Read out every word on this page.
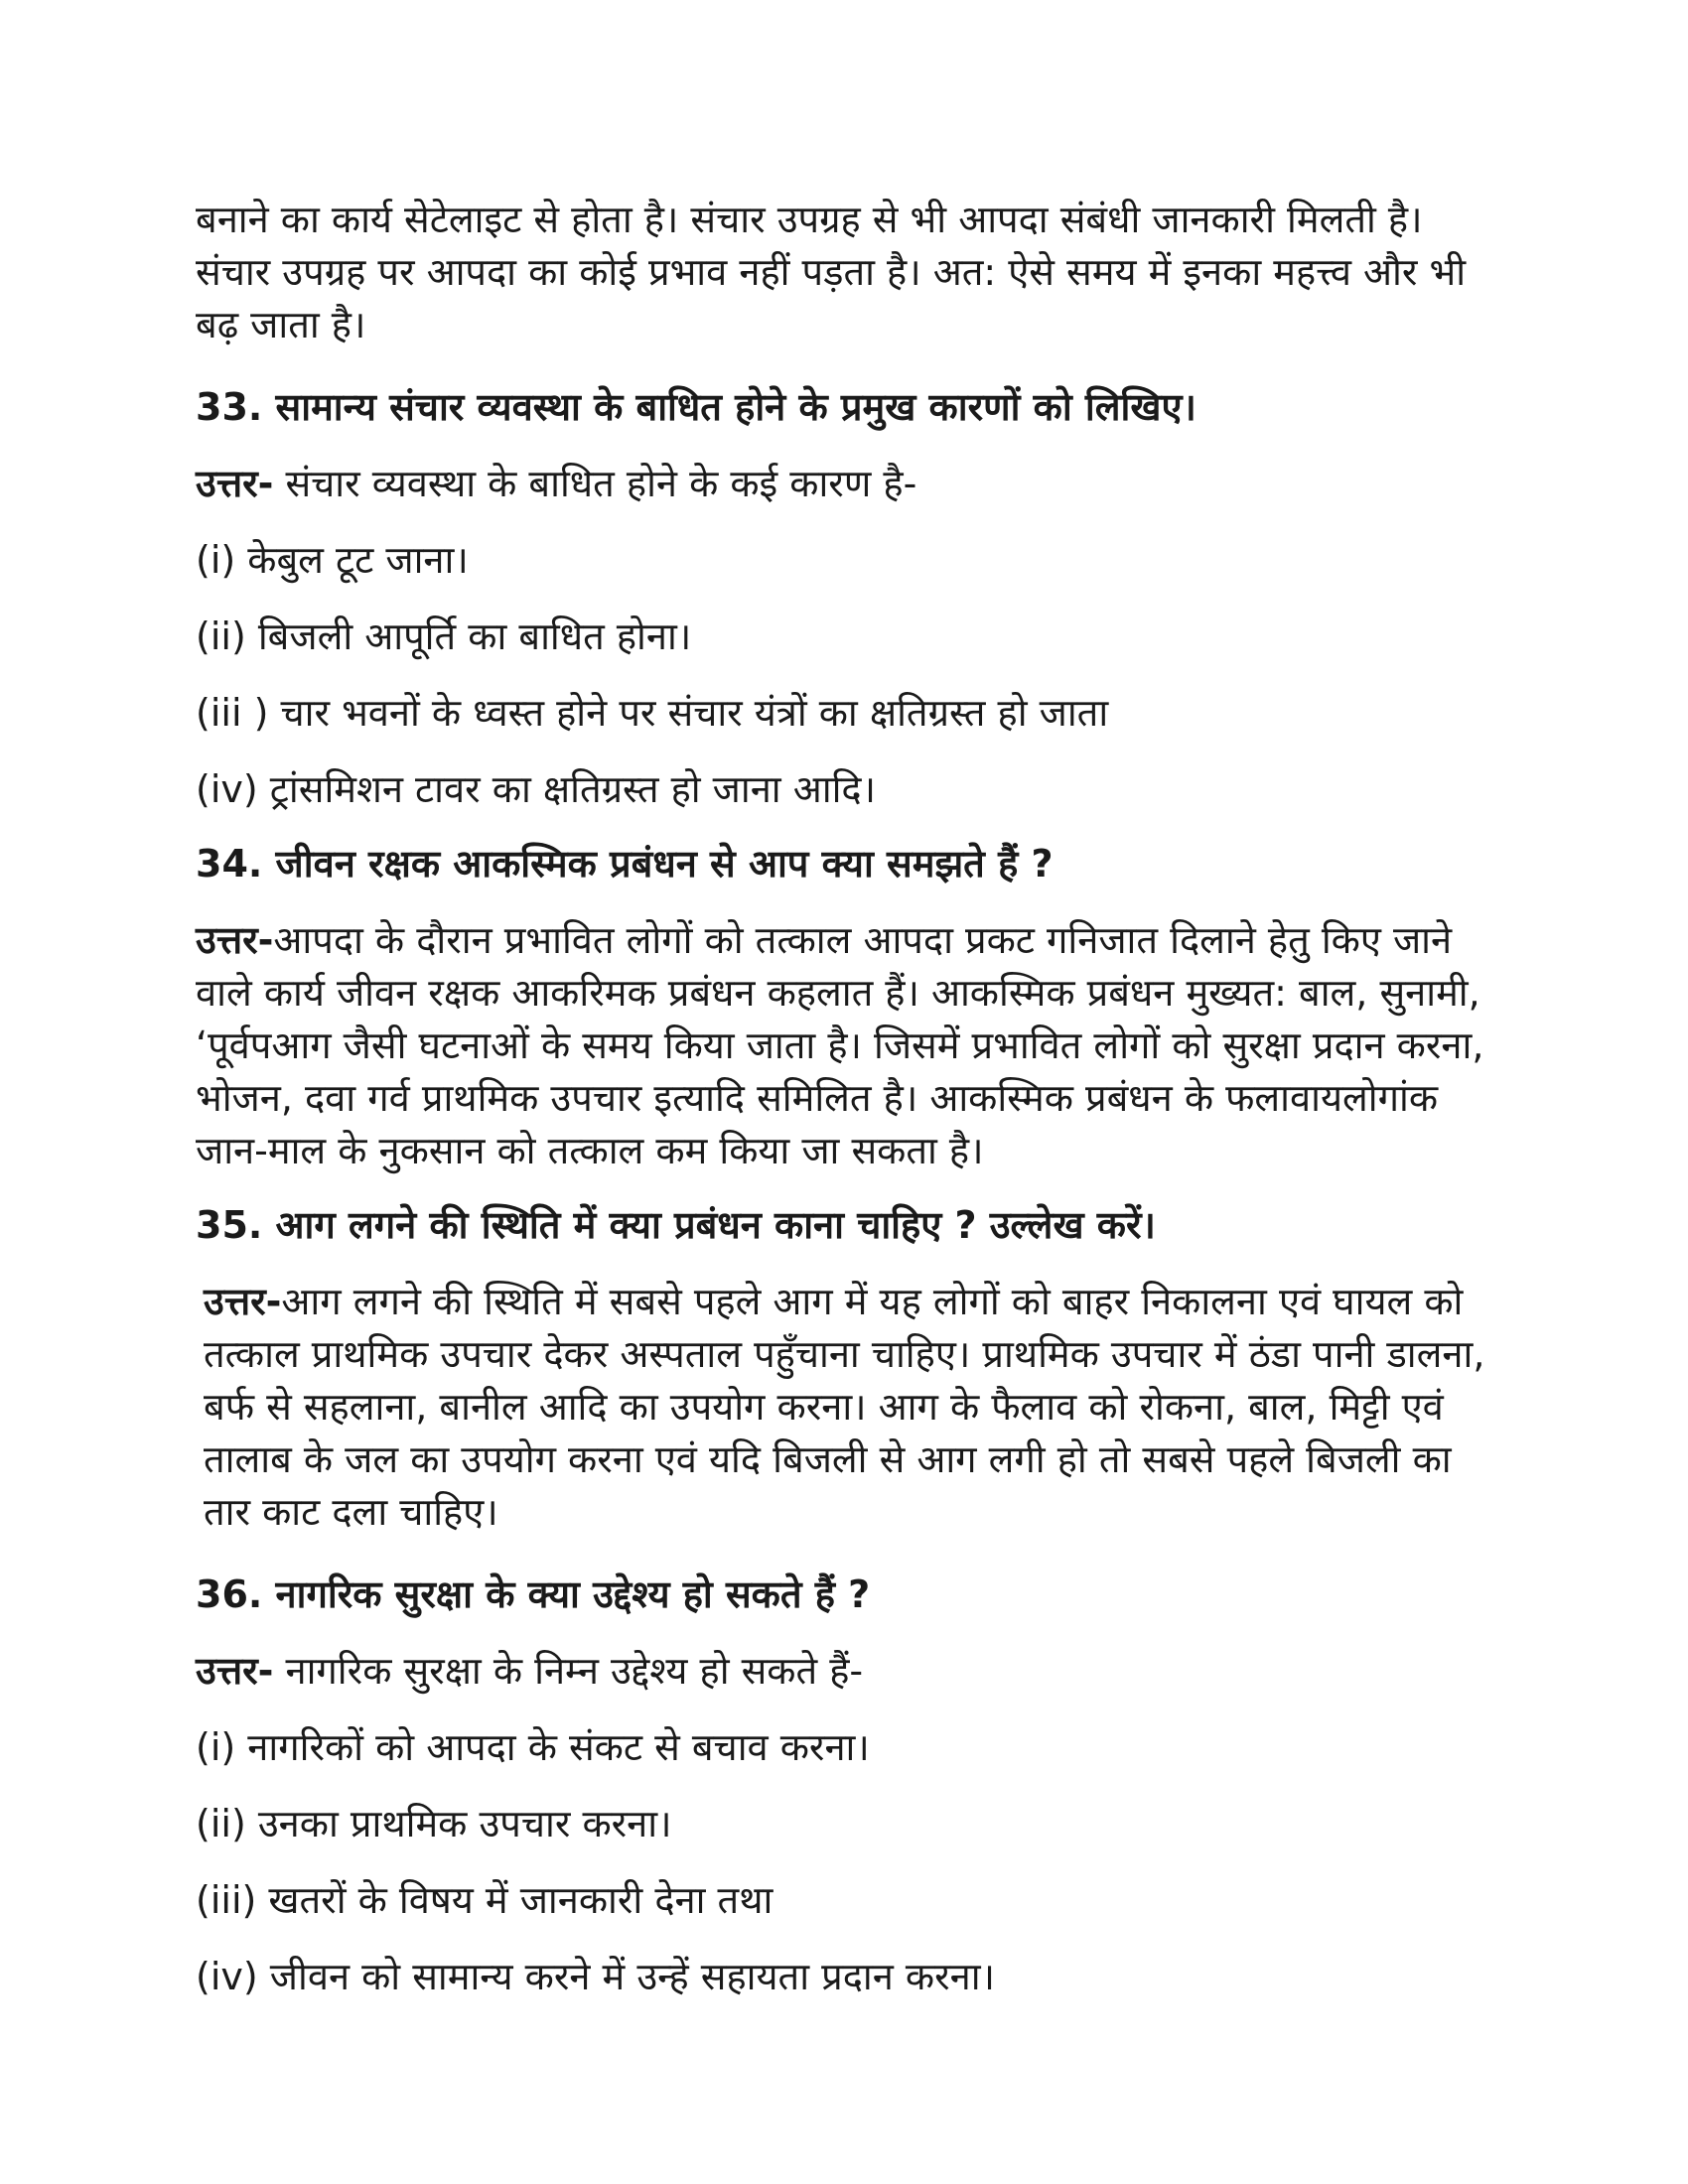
बनाने का कार्य सेटेलाइट से होता है। संचार उपग्रह से भी आपदा संबंधी जानकारी मिलती है। संचार उपग्रह पर आपदा का कोई प्रभाव नहीं पड़ता है। अत: ऐसे समय में इनका महत्त्व और भी बढ़ जाता है।

33. सामान्य संचार व्यवस्था के बाधित होने के प्रमुख कारणों को लिखिए।

उत्तर- संचार व्यवस्था के बाधित होने के कई कारण है-

(i) केबुल टूट जाना।

(ii) बिजली आपूर्ति का बाधित होना।

(iii ) चार भवनों के ध्वस्त होने पर संचार यंत्रों का क्षतिग्रस्त हो जाता

(iv) ट्रांसमिशन टावर का क्षतिग्रस्त हो जाना आदि।

34. जीवन रक्षक आकस्मिक प्रबंधन से आप क्या समझते हैं ?

उत्तर-आपदा के दौरान प्रभावित लोगों को तत्काल आपदा प्रकट गनिजात दिलाने हेतु किए जाने वाले कार्य जीवन रक्षक आकरिमक प्रबंधन कहलात हैं। आकस्मिक प्रबंधन मुख्यत: बाल, सुनामी, ‘पूर्वपआग जैसी घटनाओं के समय किया जाता है। जिसमें प्रभावित लोगों को सुरक्षा प्रदान करना, भोजन, दवा गर्व प्राथमिक उपचार इत्यादि समिलित है। आकस्मिक प्रबंधन के फलावायलोगांक जान-माल के नुकसान को तत्काल कम किया जा सकता है।

35. आग लगने की स्थिति में क्या प्रबंधन काना चाहिए ? उल्लेख करें।

उत्तर-आग लगने की स्थिति में सबसे पहले आग में यह लोगों को बाहर निकालना एवं घायल को तत्काल प्राथमिक उपचार देकर अस्पताल पहुँचाना चाहिए। प्राथमिक उपचार में ठंडा पानी डालना, बर्फ से सहलाना, बानील आदि का उपयोग करना। आग के फैलाव को रोकना, बाल, मिट्टी एवं तालाब के जल का उपयोग करना एवं यदि बिजली से आग लगी हो तो सबसे पहले बिजली का तार काट दला चाहिए।

36. नागरिक सुरक्षा के क्या उद्देश्य हो सकते हैं ?

उत्तर- नागरिक सुरक्षा के निम्न उद्देश्य हो सकते हैं-

(i) नागरिकों को आपदा के संकट से बचाव करना।

(ii) उनका प्राथमिक उपचार करना।

(iii) खतरों के विषय में जानकारी देना तथा

(iv) जीवन को सामान्य करने में उन्हें सहायता प्रदान करना।
